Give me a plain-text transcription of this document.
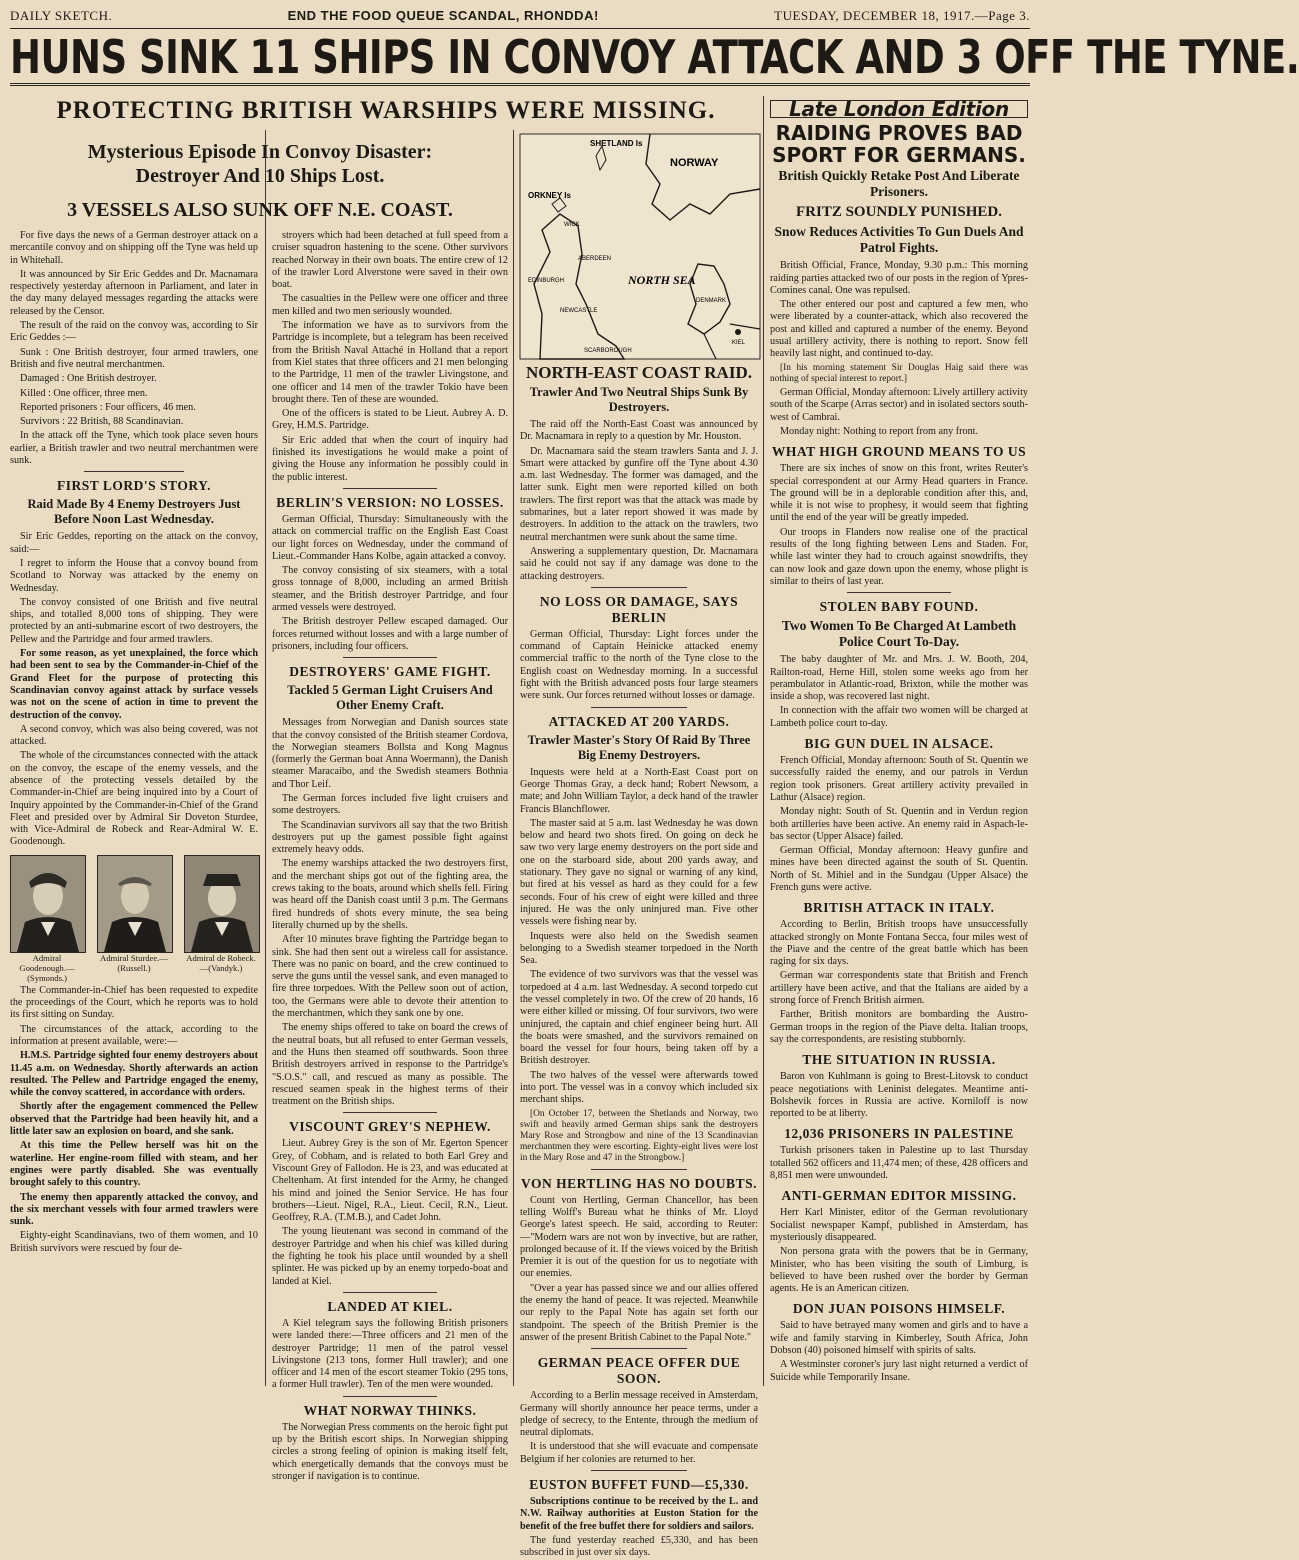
DAILY SKETCH.	END THE FOOD QUEUE SCANDAL, RHONDDA!	TUESDAY, DECEMBER 18, 1917.—Page 3.
HUNS SINK 11 SHIPS IN CONVOY ATTACK AND 3 OFF THE TYNE.
PROTECTING BRITISH WARSHIPS WERE MISSING.
Mysterious Episode In Convoy Disaster: Destroyer And 10 Ships Lost.
3 VESSELS ALSO SUNK OFF N.E. COAST.

For five days the news of a German destroyer attack on a mercantile convoy and on shipping off the Tyne was held up in Whitehall.

It was announced by Sir Eric Geddes and Dr. Macnamara respectively yesterday afternoon in Parliament, and later in the day many delayed messages regarding the attacks were released by the Censor.

The result of the raid on the convoy was, according to Sir Eric Geddes :—

Sunk : One British destroyer, four armed trawlers, one British and five neutral merchantmen.

Damaged : One British destroyer.

Killed : One officer, three men.

Reported prisoners : Four officers, 46 men.

Survivors : 22 British, 88 Scandinavian.

In the attack off the Tyne, which took place seven hours earlier, a British trawler and two neutral merchantmen were sunk.

FIRST LORD'S STORY.
Raid Made By 4 Enemy Destroyers Just Before Noon Last Wednesday.

Sir Eric Geddes, reporting on the attack on the convoy, said:—

I regret to inform the House that a convoy bound from Scotland to Norway was attacked by the enemy on Wednesday.

The convoy consisted of one British and five neutral ships, and totalled 8,000 tons of shipping. They were protected by an anti-submarine escort of two destroyers, the Pellew and the Partridge and four armed trawlers.

For some reason, as yet unexplained, the force which had been sent to sea by the Commander-in-Chief of the Grand Fleet for the purpose of protecting this Scandinavian convoy against attack by surface vessels was not on the scene of action in time to prevent the destruction of the convoy.

A second convoy, which was also being covered, was not attacked.

The whole of the circumstances connected with the attack on the convoy, the escape of the enemy vessels, and the absence of the protecting vessels detailed by the Commander-in-Chief are being inquired into by a Court of Inquiry appointed by the Commander-in-Chief of the Grand Fleet and presided over by Admiral Sir Doveton Sturdee, with Vice-Admiral de Robeck and Rear-Admiral W. E. Goodenough.

Admiral Goodenough.—(Symonds.)
Admiral Sturdee.—(Russell.)
Admiral de Robeck.—(Vandyk.)

The Commander-in-Chief has been requested to expedite the proceedings of the Court, which he reports was to hold its first sitting on Sunday.

The circumstances of the attack, according to the information at present available, were:—

H.M.S. Partridge sighted four enemy destroyers about 11.45 a.m. on Wednesday. Shortly afterwards an action resulted. The Pellew and Partridge engaged the enemy, while the convoy scattered, in accordance with orders.

Shortly after the engagement commenced the Pellew observed that the Partridge had been heavily hit, and a little later saw an explosion on board, and she sank.

At this time the Pellew herself was hit on the waterline. Her engine-room filled with steam, and her engines were partly disabled. She was eventually brought safely to this country.

The enemy then apparently attacked the convoy, and the six merchant vessels with four armed trawlers were sunk.

Eighty-eight Scandinavians, two of them women, and 10 British survivors were rescued by four de-

stroyers which had been detached at full speed from a cruiser squadron hastening to the scene. Other survivors reached Norway in their own boats. The entire crew of 12 of the trawler Lord Alverstone were saved in their own boat.

The casualties in the Pellew were one officer and three men killed and two men seriously wounded.

The information we have as to survivors from the Partridge is incomplete, but a telegram has been received from the British Naval Attaché in Holland that a report from Kiel states that three officers and 21 men belonging to the Partridge, 11 men of the trawler Livingstone, and one officer and 14 men of the trawler Tokio have been brought there. Ten of these are wounded.

One of the officers is stated to be Lieut. Aubrey A. D. Grey, H.M.S. Partridge.

Sir Eric added that when the court of inquiry had finished its investigations he would make a point of giving the House any information he possibly could in the public interest.

BERLIN'S VERSION: NO LOSSES.

German Official, Thursday: Simultaneously with the attack on commercial traffic on the English East Coast our light forces on Wednesday, under the command of Lieut.-Commander Hans Kolbe, again attacked a convoy.

The convoy consisting of six steamers, with a total gross tonnage of 8,000, including an armed British steamer, and the British destroyer Partridge, and four armed vessels were destroyed.

The British destroyer Pellew escaped damaged. Our forces returned without losses and with a large number of prisoners, including four officers.

DESTROYERS' GAME FIGHT.
Tackled 5 German Light Cruisers And Other Enemy Craft.

Messages from Norwegian and Danish sources state that the convoy consisted of the British steamer Cordova, the Norwegian steamers Bollsta and Kong Magnus (formerly the German boat Anna Woermann), the Danish steamer Maracaibo, and the Swedish steamers Bothnia and Thor Leif.

The German forces included five light cruisers and some destroyers.

The Scandinavian survivors all say that the two British destroyers put up the gamest possible fight against extremely heavy odds.

The enemy warships attacked the two destroyers first, and the merchant ships got out of the fighting area, the crews taking to the boats, around which shells fell. Firing was heard off the Danish coast until 3 p.m. The Germans fired hundreds of shots every minute, the sea being literally churned up by the shells.

After 10 minutes brave fighting the Partridge began to sink. She had then sent out a wireless call for assistance. There was no panic on board, and the crew continued to serve the guns until the vessel sank, and even managed to fire three torpedoes. With the Pellew soon out of action, too, the Germans were able to devote their attention to the merchantmen, which they sank one by one.

The enemy ships offered to take on board the crews of the neutral boats, but all refused to enter German vessels, and the Huns then steamed off southwards. Soon three British destroyers arrived in response to the Partridge's "S.O.S." call, and rescued as many as possible. The rescued seamen speak in the highest terms of their treatment on the British ships.

VISCOUNT GREY'S NEPHEW.

Lieut. Aubrey Grey is the son of Mr. Egerton Spencer Grey, of Cobham, and is related to both Earl Grey and Viscount Grey of Fallodon. He is 23, and was educated at Cheltenham. At first intended for the Army, he changed his mind and joined the Senior Service. He has four brothers—Lieut. Nigel, R.A., Lieut. Cecil, R.N., Lieut. Geoffrey, R.A. (T.M.B.), and Cadet John.

The young lieutenant was second in command of the destroyer Partridge and when his chief was killed during the fighting he took his place until wounded by a shell splinter. He was picked up by an enemy torpedo-boat and landed at Kiel.

LANDED AT KIEL.

A Kiel telegram says the following British prisoners were landed there:—Three officers and 21 men of the destroyer Partridge; 11 men of the patrol vessel Livingstone (213 tons, former Hull trawler); and one officer and 14 men of the escort steamer Tokio (295 tons, a former Hull trawler). Ten of the men were wounded.

WHAT NORWAY THINKS.

The Norwegian Press comments on the heroic fight put up by the British escort ships. In Norwegian shipping circles a strong feeling of opinion is making itself felt, which energetically demands that the convoys must be stronger if navigation is to continue.

SHETLAND Is
NORWAY
ORKNEY Is
WICK
ABERDEEN
EDINBURGH
NEWCASTLE
SCARBOROUGH
NORTH SEA
DENMARK
KIEL
NORTH-EAST COAST RAID.
Trawler And Two Neutral Ships Sunk By Destroyers.

The raid off the North-East Coast was announced by Dr. Macnamara in reply to a question by Mr. Houston.

Dr. Macnamara said the steam trawlers Santa and J. J. Smart were attacked by gunfire off the Tyne about 4.30 a.m. last Wednesday. The former was damaged, and the latter sunk. Eight men were reported killed on both trawlers. The first report was that the attack was made by submarines, but a later report showed it was made by destroyers. In addition to the attack on the trawlers, two neutral merchantmen were sunk about the same time.

Answering a supplementary question, Dr. Macnamara said he could not say if any damage was done to the attacking destroyers.

NO LOSS OR DAMAGE, SAYS BERLIN

German Official, Thursday: Light forces under the command of Captain Heinicke attacked enemy commercial traffic to the north of the Tyne close to the English coast on Wednesday morning. In a successful fight with the British advanced posts four large steamers were sunk. Our forces returned without losses or damage.

ATTACKED AT 200 YARDS.
Trawler Master's Story Of Raid By Three Big Enemy Destroyers.

Inquests were held at a North-East Coast port on George Thomas Gray, a deck hand; Robert Newsom, a mate; and John William Taylor, a deck hand of the trawler Francis Blanchflower.

The master said at 5 a.m. last Wednesday he was down below and heard two shots fired. On going on deck he saw two very large enemy destroyers on the port side and one on the starboard side, about 200 yards away, and stationary. They gave no signal or warning of any kind, but fired at his vessel as hard as they could for a few seconds. Four of his crew of eight were killed and three injured. He was the only uninjured man. Five other vessels were fishing near by.

Inquests were also held on the Swedish seamen belonging to a Swedish steamer torpedoed in the North Sea.

The evidence of two survivors was that the vessel was torpedoed at 4 a.m. last Wednesday. A second torpedo cut the vessel completely in two. Of the crew of 20 hands, 16 were either killed or missing. Of four survivors, two were uninjured, the captain and chief engineer being hurt. All the boats were smashed, and the survivors remained on board the vessel for four hours, being taken off by a British destroyer.

The two halves of the vessel were afterwards towed into port. The vessel was in a convoy which included six merchant ships.

[On October 17, between the Shetlands and Norway, two swift and heavily armed German ships sank the destroyers Mary Rose and Strongbow and nine of the 13 Scandinavian merchantmen they were escorting. Eighty-eight lives were lost in the Mary Rose and 47 in the Strongbow.]

VON HERTLING HAS NO DOUBTS.

Count von Hertling, German Chancellor, has been telling Wolff's Bureau what he thinks of Mr. Lloyd George's latest speech. He said, according to Reuter:—"Modern wars are not won by invective, but are rather, prolonged because of it. If the views voiced by the British Premier it is out of the question for us to negotiate with our enemies.

"Over a year has passed since we and our allies offered the enemy the hand of peace. It was rejected. Meanwhile our reply to the Papal Note has again set forth our standpoint. The speech of the British Premier is the answer of the present British Cabinet to the Papal Note."

GERMAN PEACE OFFER DUE SOON.

According to a Berlin message received in Amsterdam, Germany will shortly announce her peace terms, under a pledge of secrecy, to the Entente, through the medium of neutral diplomats.

It is understood that she will evacuate and compensate Belgium if her colonies are returned to her.

EUSTON BUFFET FUND—£5,330.

Subscriptions continue to be received by the L. and N.W. Railway authorities at Euston Station for the benefit of the free buffet there for soldiers and sailors.

The fund yesterday reached £5,330, and has been subscribed in just over six days.

Late London Edition
RAIDING PROVES BAD SPORT FOR GERMANS.
British Quickly Retake Post And Liberate Prisoners.
FRITZ SOUNDLY PUNISHED.
Snow Reduces Activities To Gun Duels And Patrol Fights.

British Official, France, Monday, 9.30 p.m.: This morning raiding parties attacked two of our posts in the region of Ypres-Comines canal. One was repulsed.

The other entered our post and captured a few men, who were liberated by a counter-attack, which also recovered the post and killed and captured a number of the enemy. Beyond usual artillery activity, there is nothing to report. Snow fell heavily last night, and continued to-day.

[In his morning statement Sir Douglas Haig said there was nothing of special interest to report.]

German Official, Monday afternoon: Lively artillery activity south of the Scarpe (Arras sector) and in isolated sectors south-west of Cambrai.

Monday night: Nothing to report from any front.

WHAT HIGH GROUND MEANS TO US

There are six inches of snow on this front, writes Reuter's special correspondent at our Army Head quarters in France. The ground will be in a deplorable condition after this, and, while it is not wise to prophesy, it would seem that fighting until the end of the year will be greatly impeded.

Our troops in Flanders now realise one of the practical results of the long fighting between Lens and Staden. For, while last winter they had to crouch against snowdrifts, they can now look and gaze down upon the enemy, whose plight is similar to theirs of last year.

STOLEN BABY FOUND.
Two Women To Be Charged At Lambeth Police Court To-Day.

The baby daughter of Mr. and Mrs. J. W. Booth, 204, Railton-road, Herne Hill, stolen some weeks ago from her perambulator in Atlantic-road, Brixton, while the mother was inside a shop, was recovered last night.

In connection with the affair two women will be charged at Lambeth police court to-day.

BIG GUN DUEL IN ALSACE.

French Official, Monday afternoon: South of St. Quentin we successfully raided the enemy, and our patrols in Verdun region took prisoners. Great artillery activity prevailed in Lathur (Alsace) region.

Monday night: South of St. Quentin and in Verdun region both artilleries have been active. An enemy raid in Aspach-le-bas sector (Upper Alsace) failed.

German Official, Monday afternoon: Heavy gunfire and mines have been directed against the south of St. Quentin. North of St. Mihiel and in the Sundgau (Upper Alsace) the French guns were active.

BRITISH ATTACK IN ITALY.

According to Berlin, British troops have unsuccessfully attacked strongly on Monte Fontana Secca, four miles west of the Piave and the centre of the great battle which has been raging for six days.

German war correspondents state that British and French artillery have been active, and that the Italians are aided by a strong force of French British airmen.

Farther, British monitors are bombarding the Austro-German troops in the region of the Piave delta. Italian troops, say the correspondents, are resisting stubbornly.

THE SITUATION IN RUSSIA.

Baron von Kuhlmann is going to Brest-Litovsk to conduct peace negotiations with Leninist delegates. Meantime anti-Bolshevik forces in Russia are active. Korniloff is now reported to be at liberty.

12,036 PRISONERS IN PALESTINE

Turkish prisoners taken in Palestine up to last Thursday totalled 562 officers and 11,474 men; of these, 428 officers and 8,851 men were unwounded.

ANTI-GERMAN EDITOR MISSING.

Herr Karl Minister, editor of the German revolutionary Socialist newspaper Kampf, published in Amsterdam, has mysteriously disappeared.

Non persona grata with the powers that be in Germany, Minister, who has been visiting the south of Limburg, is believed to have been rushed over the border by German agents. He is an American citizen.

DON JUAN POISONS HIMSELF.

Said to have betrayed many women and girls and to have a wife and family starving in Kimberley, South Africa, John Dobson (40) poisoned himself with spirits of salts.

A Westminster coroner's jury last night returned a verdict of Suicide while Temporarily Insane.
